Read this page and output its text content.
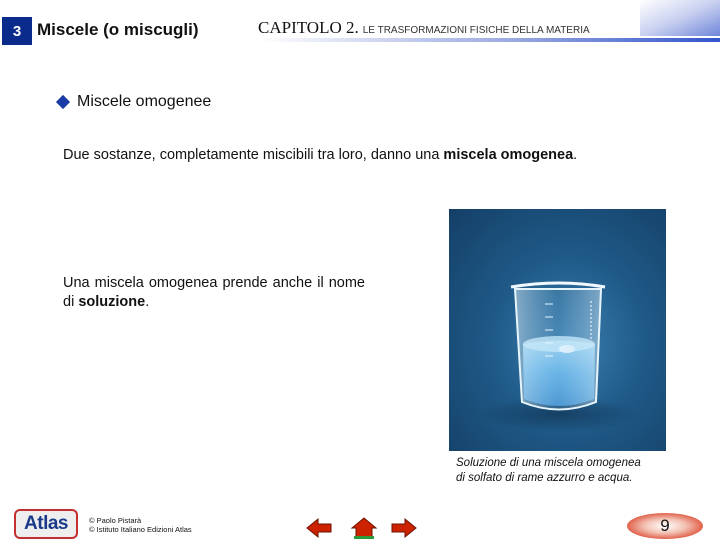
3 Miscele (o miscugli)	CAPITOLO 2. LE TRASFORMAZIONI FISICHE DELLA MATERIA
Miscele omogenee
Due sostanze, completamente miscibili tra loro, danno una miscela omogenea.
Una miscela omogenea prende anche il nome di soluzione.
Soluzione di una miscela omogenea
di solfato di rame azzurro e acqua.
Atlas	© Paolo Pistarà
© Istituto Italiano Edizioni Atlas	9
